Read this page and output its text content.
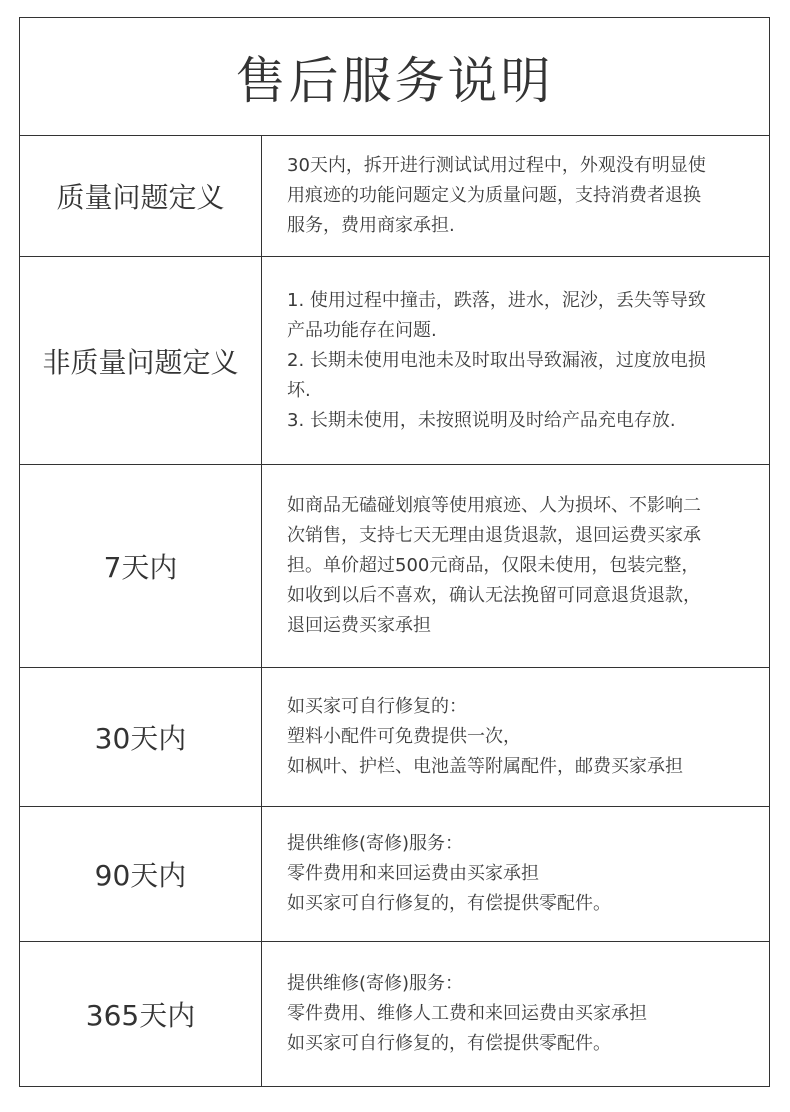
售后服务说明
质量问题定义
30天内，拆开进行测试试用过程中，外观没有明显使
用痕迹的功能问题定义为质量问题，支持消费者退换
服务，费用商家承担.
非质量问题定义
1. 使用过程中撞击，跌落，进水，泥沙，丢失等导致
产品功能存在问题.
2. 长期未使用电池未及时取出导致漏液，过度放电损
坏.
3. 长期未使用，未按照说明及时给产品充电存放.
7天内
如商品无磕碰划痕等使用痕迹、人为损坏、不影响二
次销售，支持七天无理由退货退款，退回运费买家承
担。单价超过500元商品，仅限未使用，包装完整，
如收到以后不喜欢，确认无法挽留可同意退货退款，
退回运费买家承担
30天内
如买家可自行修复的：
塑料小配件可免费提供一次，
如枫叶、护栏、电池盖等附属配件，邮费买家承担
90天内
提供维修(寄修)服务：
零件费用和来回运费由买家承担
如买家可自行修复的，有偿提供零配件。
365天内
提供维修(寄修)服务：
零件费用、维修人工费和来回运费由买家承担
如买家可自行修复的，有偿提供零配件。
